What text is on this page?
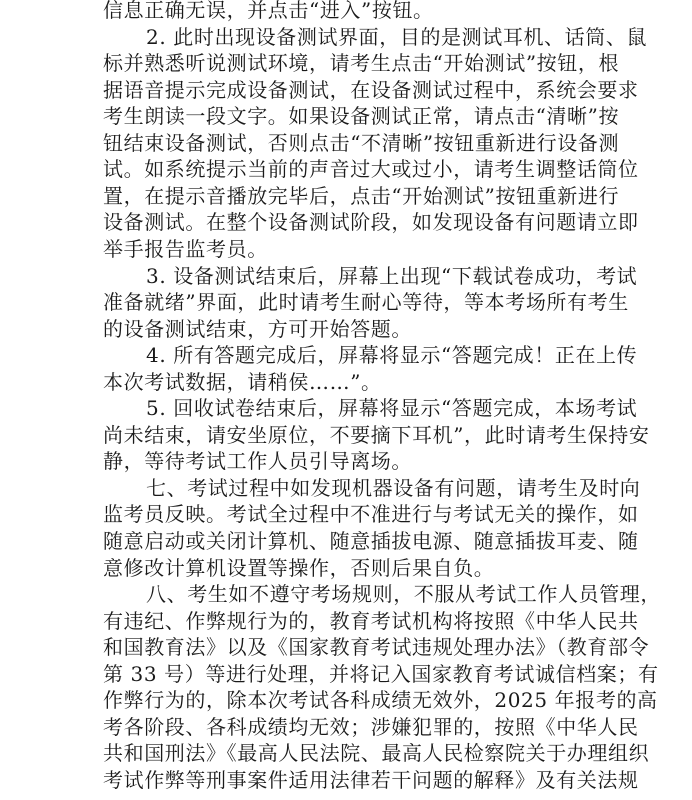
信息正确无误，并点击“进入”按钮。
2. 此时出现设备测试界面，目的是测试耳机、话筒、鼠
标并熟悉听说测试环境，请考生点击“开始测试”按钮，根
据语音提示完成设备测试，在设备测试过程中，系统会要求
考生朗读一段文字。如果设备测试正常，请点击“清晰”按
钮结束设备测试，否则点击“不清晰”按钮重新进行设备测
试。如系统提示当前的声音过大或过小，请考生调整话筒位
置，在提示音播放完毕后，点击“开始测试”按钮重新进行
设备测试。在整个设备测试阶段，如发现设备有问题请立即
举手报告监考员。
3. 设备测试结束后，屏幕上出现“下载试卷成功，考试
准备就绪”界面，此时请考生耐心等待，等本考场所有考生
的设备测试结束，方可开始答题。
4. 所有答题完成后，屏幕将显示“答题完成！正在上传
本次考试数据，请稍侯……”。
5. 回收试卷结束后，屏幕将显示“答题完成，本场考试
尚未结束，请安坐原位，不要摘下耳机”，此时请考生保持安
静，等待考试工作人员引导离场。
七、考试过程中如发现机器设备有问题，请考生及时向
监考员反映。考试全过程中不准进行与考试无关的操作，如
随意启动或关闭计算机、随意插拔电源、随意插拔耳麦、随
意修改计算机设置等操作，否则后果自负。
八、考生如不遵守考场规则，不服从考试工作人员管理，
有违纪、作弊规行为的，教育考试机构将按照《中华人民共
和国教育法》以及《国家教育考试违规处理办法》（教育部令
第 33 号）等进行处理，并将记入国家教育考试诚信档案；有
作弊行为的，除本次考试各科成绩无效外，2025 年报考的高
考各阶段、各科成绩均无效；涉嫌犯罪的，按照《中华人民
共和国刑法》《最高人民法院、最高人民检察院关于办理组织
考试作弊等刑事案件适用法律若干问题的解释》及有关法规
